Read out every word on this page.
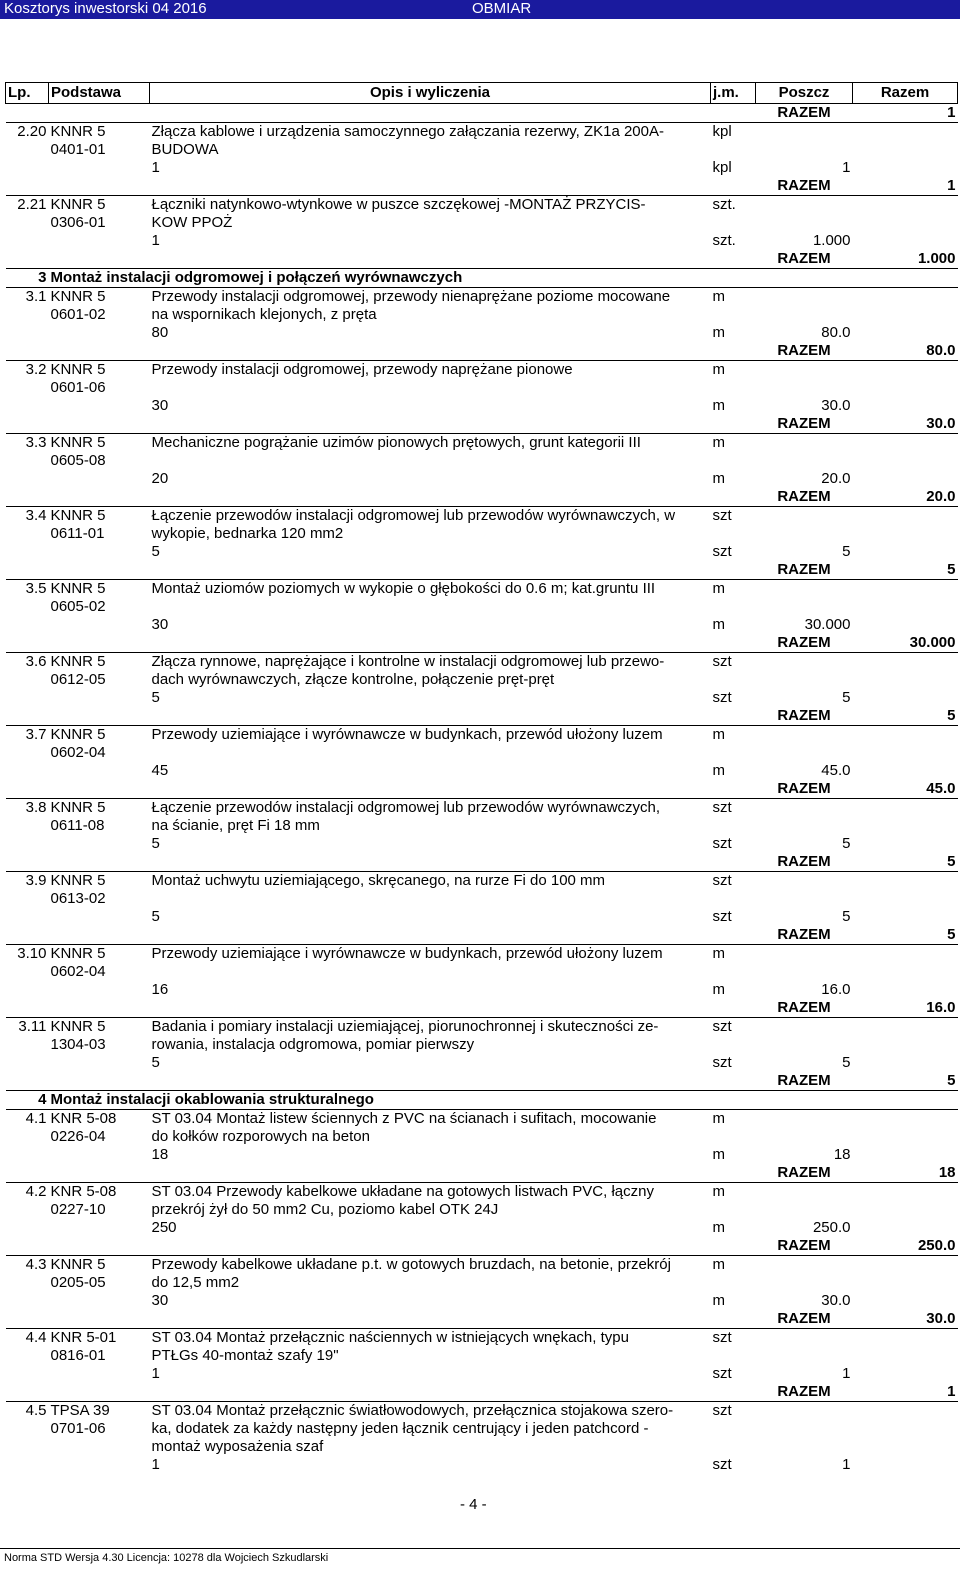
Kosztorys inwestorski 04 2016	OBMIAR
Lp.	Podstawa	Opis i wyliczenia	j.m.	Poszcz	Razem
				RAZEM	1
2.20	KNNR 5	Złącza kablowe i urządzenia samoczynnego załączania rezerwy, ZK1a 200A-	kpl		
	0401-01	BUDOWA			
		1	kpl	1	
				RAZEM	1
2.21	KNNR 5	Łączniki natynkowo-wtynkowe w puszce szczękowej -MONTAŻ PRZYCIS-	szt.		
	0306-01	KOW PPOŻ			
		1	szt.	1.000	
				RAZEM	1.000
3	Montaż instalacji odgromowej i połączeń wyrównawczych				
3.1	KNNR 5	Przewody instalacji odgromowej, przewody nienaprężane poziome mocowane	m		
	0601-02	na wspornikach klejonych, z pręta			
		80	m	80.0	
				RAZEM	80.0
3.2	KNNR 5	Przewody instalacji odgromowej, przewody naprężane pionowe	m		
	0601-06				
		30	m	30.0	
				RAZEM	30.0
3.3	KNNR 5	Mechaniczne pogrążanie uzimów pionowych prętowych, grunt kategorii III	m		
	0605-08				
		20	m	20.0	
				RAZEM	20.0
3.4	KNNR 5	Łączenie przewodów instalacji odgromowej lub przewodów wyrównawczych, w	szt		
	0611-01	wykopie, bednarka 120 mm2			
		5	szt	5	
				RAZEM	5
3.5	KNNR 5	Montaż uziomów poziomych w wykopie o głębokości do 0.6 m; kat.gruntu III	m		
	0605-02				
		30	m	30.000	
				RAZEM	30.000
3.6	KNNR 5	Złącza rynnowe, naprężające i kontrolne w instalacji odgromowej lub przewo-	szt		
	0612-05	dach wyrównawczych, złącze kontrolne, połączenie pręt-pręt			
		5	szt	5	
				RAZEM	5
3.7	KNNR 5	Przewody uziemiające i wyrównawcze w budynkach, przewód ułożony luzem	m		
	0602-04				
		45	m	45.0	
				RAZEM	45.0
3.8	KNNR 5	Łączenie przewodów instalacji odgromowej lub przewodów wyrównawczych,	szt		
	0611-08	na ścianie, pręt Fi 18 mm			
		5	szt	5	
				RAZEM	5
3.9	KNNR 5	Montaż uchwytu uziemiającego, skręcanego, na rurze Fi do 100 mm	szt		
	0613-02				
		5	szt	5	
				RAZEM	5
3.10	KNNR 5	Przewody uziemiające i wyrównawcze w budynkach, przewód ułożony luzem	m		
	0602-04				
		16	m	16.0	
				RAZEM	16.0
3.11	KNNR 5	Badania i pomiary instalacji uziemiającej, piorunochronnej i skuteczności ze-	szt		
	1304-03	rowania, instalacja odgromowa, pomiar pierwszy			
		5	szt	5	
				RAZEM	5
4	Montaż instalacji okablowania strukturalnego				
4.1	KNR 5-08	ST 03.04 Montaż listew ściennych z PVC na ścianach i sufitach, mocowanie	m		
	0226-04	do kołków rozporowych na beton			
		18	m	18	
				RAZEM	18
4.2	KNR 5-08	ST 03.04 Przewody kabelkowe układane na gotowych listwach PVC, łączny	m		
	0227-10	przekrój żył do 50 mm2 Cu, poziomo kabel OTK 24J			
		250	m	250.0	
				RAZEM	250.0
4.3	KNNR 5	Przewody kabelkowe układane p.t. w gotowych bruzdach, na betonie, przekrój	m		
	0205-05	do 12,5 mm2			
		30	m	30.0	
				RAZEM	30.0
4.4	KNR 5-01	ST 03.04 Montaż przełącznic naściennych w istniejących wnękach, typu	szt		
	0816-01	PTŁGs 40-montaż szafy 19"			
		1	szt	1	
				RAZEM	1
4.5	TPSA 39	ST 03.04 Montaż przełącznic światłowodowych, przełącznica stojakowa szero-	szt		
	0701-06	ka, dodatek za każdy następny jeden łącznik centrujący i jeden patchcord -			
		montaż wyposażenia szaf			
		1	szt	1	
- 4 -
Norma STD Wersja 4.30 Licencja: 10278 dla Wojciech Szkudlarski
